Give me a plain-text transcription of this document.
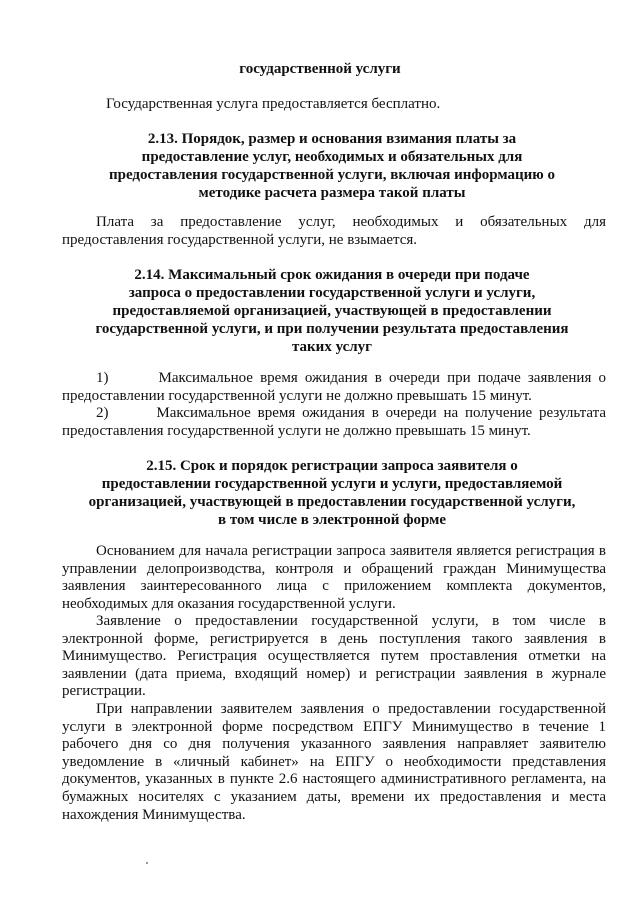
государственной услуги
Государственная услуга предоставляется бесплатно.
2.13. Порядок, размер и основания взимания платы за
предоставление услуг, необходимых и обязательных для
предоставления государственной услуги, включая информацию о
методике расчета размера такой платы
Плата за предоставление услуг, необходимых и обязательных для
предоставления государственной услуги, не взымается.
2.14. Максимальный срок ожидания в очереди при подаче
запроса о предоставлении государственной услуги и услуги,
предоставляемой организацией, участвующей в предоставлении
государственной услуги, и при получении результата предоставления
таких услуг
1)	Максимальное время ожидания в очереди при подаче заявления о
предоставлении государственной услуги не должно превышать 15 минут.
2)	Максимальное время ожидания в очереди на получение результата
предоставления государственной услуги не должно превышать 15 минут.
2.15. Срок и порядок регистрации запроса заявителя о
предоставлении государственной услуги и услуги, предоставляемой
организацией, участвующей в предоставлении государственной услуги,
в том числе в электронной форме
Основанием для начала регистрации запроса заявителя является регистрация в
управлении делопроизводства, контроля и обращений граждан Минимущества
заявления заинтересованного лица с приложением комплекта документов,
необходимых для оказания государственной услуги.
Заявление о предоставлении государственной услуги, в том числе в
электронной форме, регистрируется в день поступления такого заявления в
Минимущество. Регистрация осуществляется путем проставления отметки на
заявлении (дата приема, входящий номер) и регистрации заявления в журнале
регистрации.
При направлении заявителем заявления о предоставлении государственной
услуги в электронной форме посредством ЕПГУ Минимущество в течение 1
рабочего дня со дня получения указанного заявления направляет заявителю
уведомление в «личный кабинет» на ЕПГУ о необходимости представления
документов, указанных в пункте 2.6 настоящего административного регламента, на
бумажных носителях с указанием даты, времени их предоставления и места
нахождения Минимущества.
